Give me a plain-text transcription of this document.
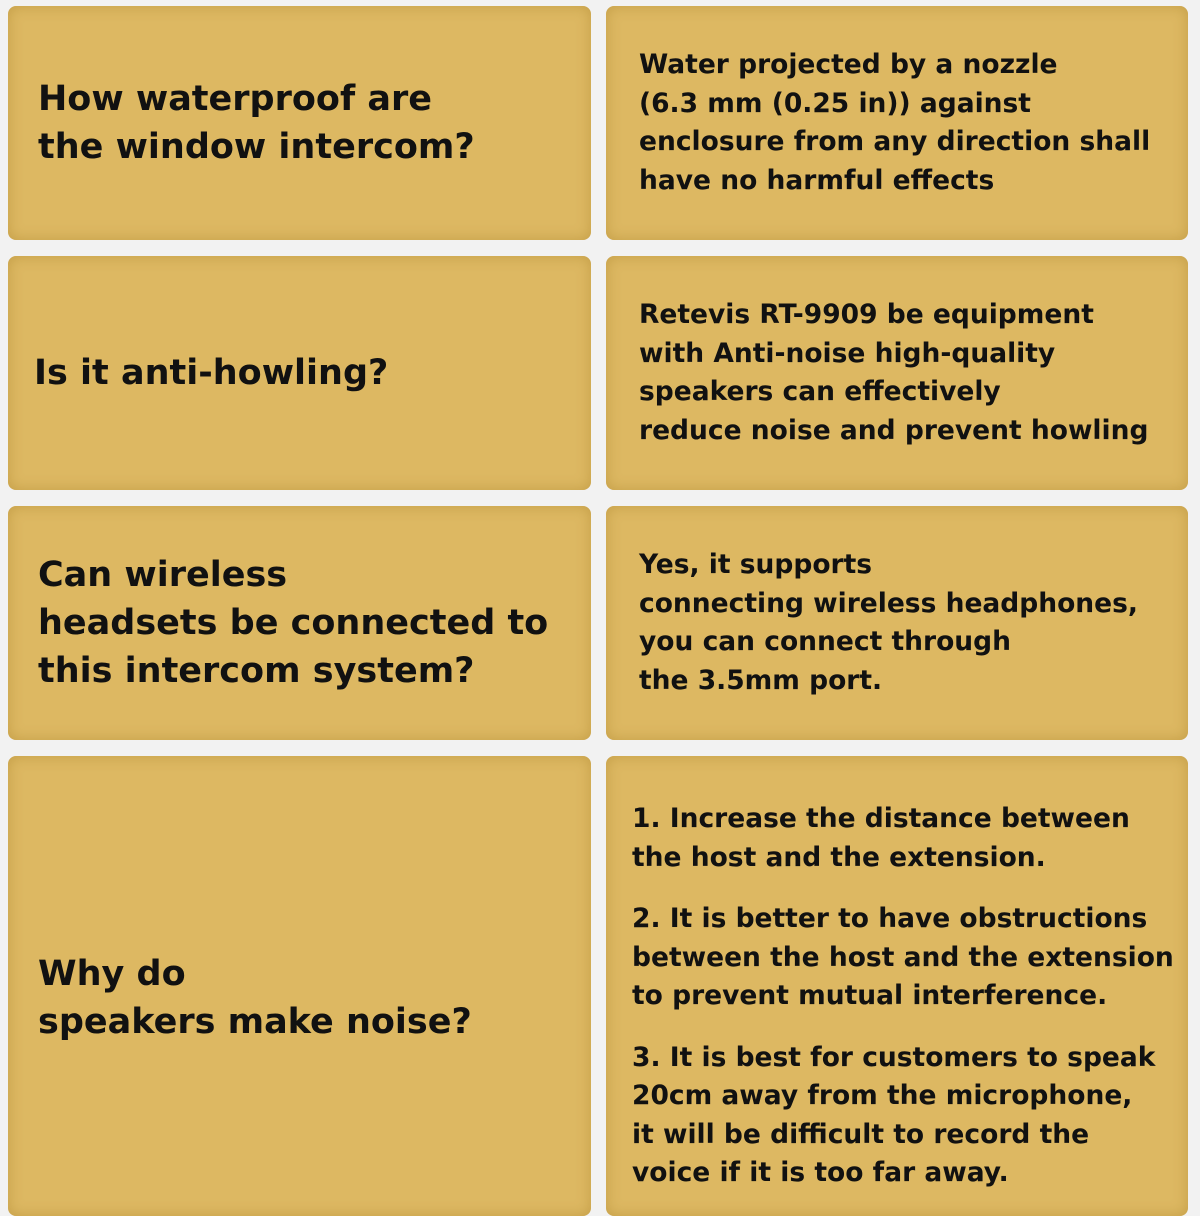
How waterproof are
the window intercom?

Water projected by a nozzle
(6.3 mm (0.25 in)) against
enclosure from any direction shall
have no harmful effects

Is it anti-howling?

Retevis RT-9909 be equipment
with Anti-noise high-quality
speakers can effectively
reduce noise and prevent howling

Can wireless
headsets be connected to
this intercom system?

Yes, it supports
connecting wireless headphones,
you can connect through
the 3.5mm port.

Why do
speakers make noise?

1. Increase the distance between
the host and the extension.

2. It is better to have obstructions
between the host and the extension
to prevent mutual interference.

3. It is best for customers to speak
20cm away from the microphone,
it will be difficult to record the
voice if it is too far away.
